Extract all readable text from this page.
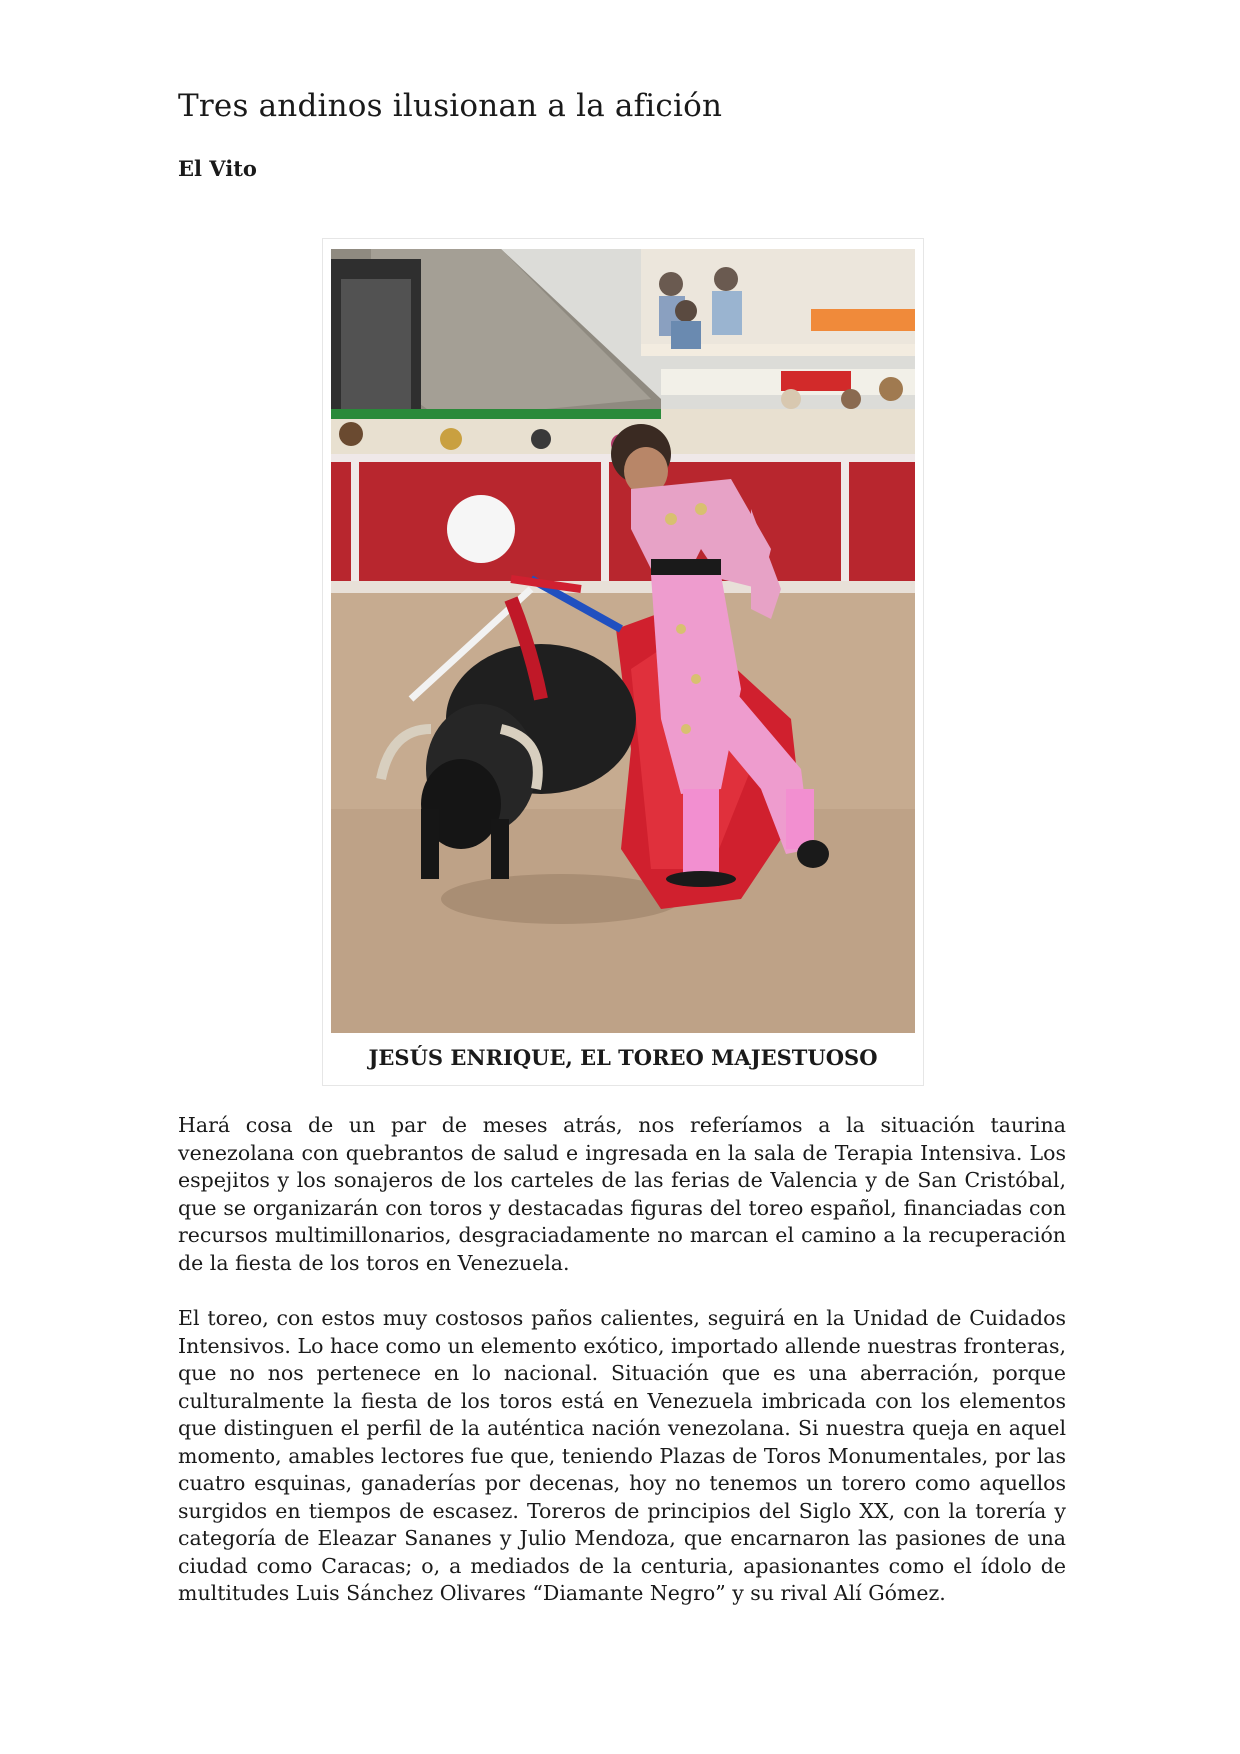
Tres andinos ilusionan a la afición

El Vito

JESÚS ENRIQUE, EL TOREO MAJESTUOSO

Hará cosa de un par de meses atrás, nos referíamos a la situación taurina venezolana con quebrantos de salud e ingresada en la sala de Terapia Intensiva. Los espejitos y los sonajeros de los carteles de las ferias de Valencia y de San Cristóbal, que se organizarán con toros y destacadas figuras del toreo español, financiadas con recursos multimillonarios, desgraciadamente no marcan el camino a la recuperación de la fiesta de los toros en Venezuela.

El toreo, con estos muy costosos paños calientes, seguirá en la Unidad de Cuidados Intensivos. Lo hace como un elemento exótico, importado allende nuestras fronteras, que no nos pertenece en lo nacional. Situación que es una aberración, porque culturalmente la fiesta de los toros está en Venezuela imbricada con los elementos que distinguen el perfil de la auténtica nación venezolana. Si nuestra queja en aquel momento, amables lectores fue que, teniendo Plazas de Toros Monumentales, por las cuatro esquinas, ganaderías por decenas, hoy no tenemos un torero como aquellos surgidos en tiempos de escasez. Toreros de principios del Siglo XX, con la torería y categoría de Eleazar Sananes y Julio Mendoza, que encarnaron las pasiones de una ciudad como Caracas; o, a mediados de la centuria, apasionantes como el ídolo de multitudes Luis Sánchez Olivares “Diamante Negro” y su rival Alí Gómez.
